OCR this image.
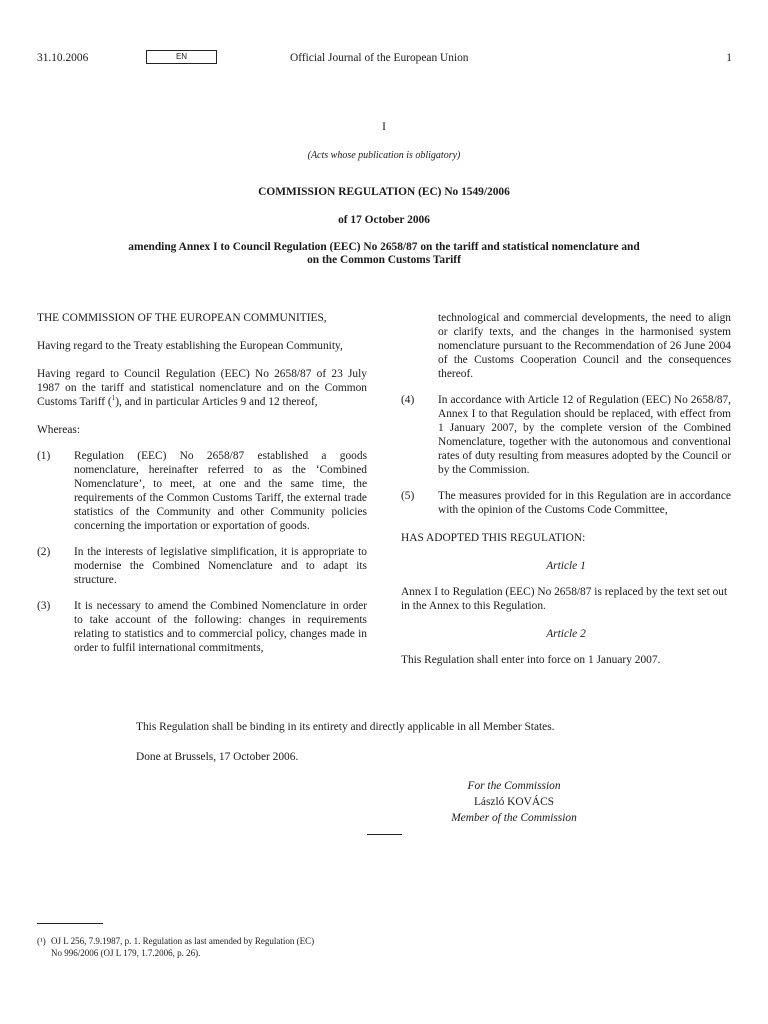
31.10.2006	EN	Official Journal of the European Union	1
I
(Acts whose publication is obligatory)
COMMISSION REGULATION (EC) No 1549/2006
of 17 October 2006
amending Annex I to Council Regulation (EEC) No 2658/87 on the tariff and statistical nomenclature and
on the Common Customs Tariff

THE COMMISSION OF THE EUROPEAN COMMUNITIES,

Having regard to the Treaty establishing the European Community,

Having regard to Council Regulation (EEC) No 2658/87 of 23 July 1987 on the tariff and statistical nomenclature and on the Common Customs Tariff ($^1$), and in particular Articles 9 and 12 thereof,

Whereas:

(1) Regulation (EEC) No 2658/87 established a goods nomenclature, hereinafter referred to as the ‘Combined Nomenclature’, to meet, at one and the same time, the requirements of the Common Customs Tariff, the external trade statistics of the Community and other Community policies concerning the importation or exportation of goods.

(2) In the interests of legislative simplification, it is appropriate to modernise the Combined Nomenclature and to adapt its structure.

(3) It is necessary to amend the Combined Nomenclature in order to take account of the following: changes in requirements relating to statistics and to commercial policy, changes made in order to fulfil international commitments,

technological and commercial developments, the need to align or clarify texts, and the changes in the harmonised system nomenclature pursuant to the Recommendation of 26 June 2004 of the Customs Cooperation Council and the consequences thereof.

(4) In accordance with Article 12 of Regulation (EEC) No 2658/87, Annex I to that Regulation should be replaced, with effect from 1 January 2007, by the complete version of the Combined Nomenclature, together with the autonomous and conventional rates of duty resulting from measures adopted by the Council or by the Commission.

(5) The measures provided for in this Regulation are in accordance with the opinion of the Customs Code Committee,

HAS ADOPTED THIS REGULATION:

Article 1

Annex I to Regulation (EEC) No 2658/87 is replaced by the text set out in the Annex to this Regulation.

Article 2

This Regulation shall enter into force on 1 January 2007.

This Regulation shall be binding in its entirety and directly applicable in all Member States.
Done at Brussels, 17 October 2006.
For the Commission
László KOVÁCS
Member of the Commission
(¹) OJ L 256, 7.9.1987, p. 1. Regulation as last amended by Regulation (EC)
No 996/2006 (OJ L 179, 1.7.2006, p. 26).
